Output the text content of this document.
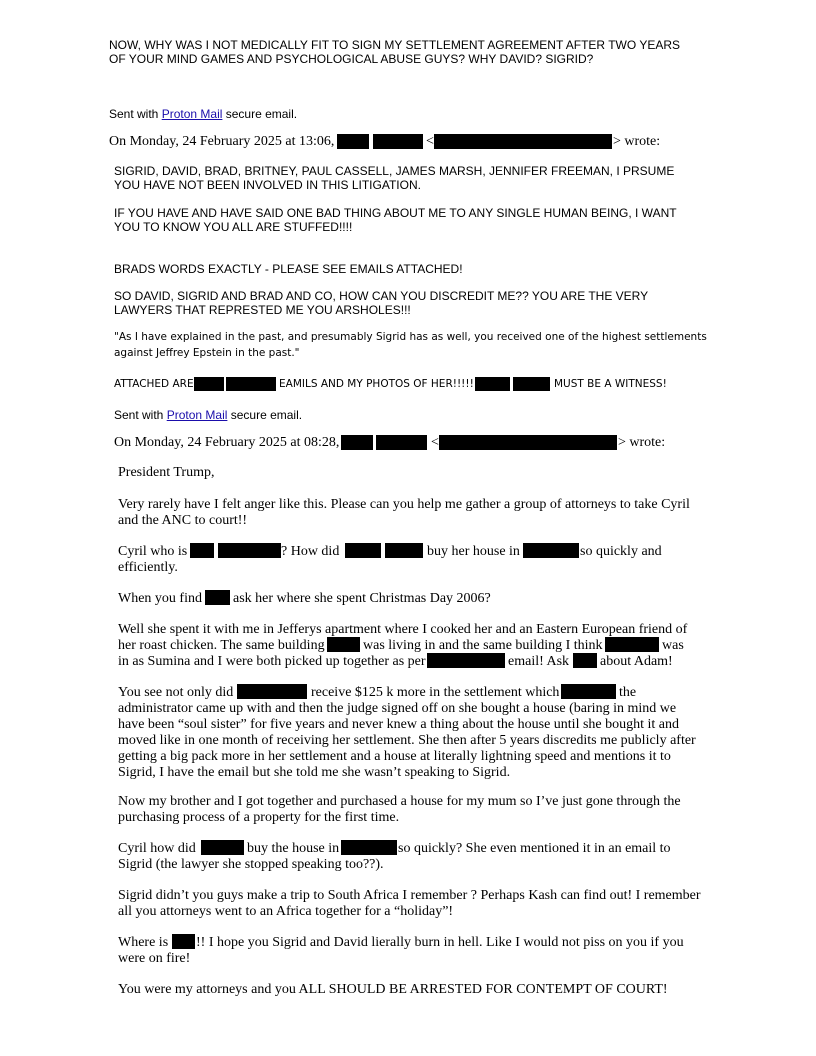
NOW, WHY WAS I NOT MEDICALLY FIT TO SIGN MY SETTLEMENT AGREEMENT AFTER TWO YEARS

OF YOUR MIND GAMES AND PSYCHOLOGICAL ABUSE GUYS? WHY DAVID? SIGRID?

Sent with Proton Mail secure email.

On Monday, 24 February 2025 at 13:06,	<	> wrote:

SIGRID, DAVID, BRAD, BRITNEY, PAUL CASSELL, JAMES MARSH, JENNIFER FREEMAN, I PRSUME

YOU HAVE NOT BEEN INVOLVED IN THIS LITIGATION.

IF YOU HAVE AND HAVE SAID ONE BAD THING ABOUT ME TO ANY SINGLE HUMAN BEING, I WANT

YOU TO KNOW YOU ALL ARE STUFFED!!!!

BRADS WORDS EXACTLY - PLEASE SEE EMAILS ATTACHED!

SO DAVID, SIGRID AND BRAD AND CO, HOW CAN YOU DISCREDIT ME?? YOU ARE THE VERY

LAWYERS THAT REPRESTED ME YOU ARSHOLES!!!

"As I have explained in the past, and presumably Sigrid has as well, you received one of the highest settlements

against Jeffrey Epstein in the past."

ATTACHED ARE	EAMILS AND MY PHOTOS OF HER!!!!!	MUST BE A WITNESS!

Sent with Proton Mail secure email.

On Monday, 24 February 2025 at 08:28,	<	> wrote:

President Trump,

Very rarely have I felt anger like this. Please can you help me gather a group of attorneys to take Cyril

and the ANC to court!!

Cyril who is	? How did	buy her house in	so quickly and

efficiently.

When you find ask her where she spent Christmas Day 2006?

Well she spent it with me in Jefferys apartment where I cooked her and an Eastern European friend of

her roast chicken. The same building	was living in and the same building I think	was

in as Sumina and I were both picked up together as per	email! Ask about Adam!

You see not only did	receive $125 k more in the settlement which	the

administrator came up with and then the judge signed off on she bought a house (baring in mind we

have been “soul sister” for five years and never knew a thing about the house until she bought it and

moved like in one month of receiving her settlement. She then after 5 years discredits me publicly after

getting a big pack more in her settlement and a house at literally lightning speed and mentions it to

Sigrid, I have the email but she told me she wasn’t speaking to Sigrid.

Now my brother and I got together and purchased a house for my mum so I’ve just gone through the

purchasing process of a property for the first time.

Cyril how did	buy the house in	so quickly? She even mentioned it in an email to

Sigrid (the lawyer she stopped speaking too??).

Sigrid didn’t you guys make a trip to South Africa I remember ? Perhaps Kash can find out! I remember

all you attorneys went to an Africa together for a “holiday”!

Where is !! I hope you Sigrid and David lierally burn in hell. Like I would not piss on you if you

were on fire!

You were my attorneys and you ALL SHOULD BE ARRESTED FOR CONTEMPT OF COURT!
